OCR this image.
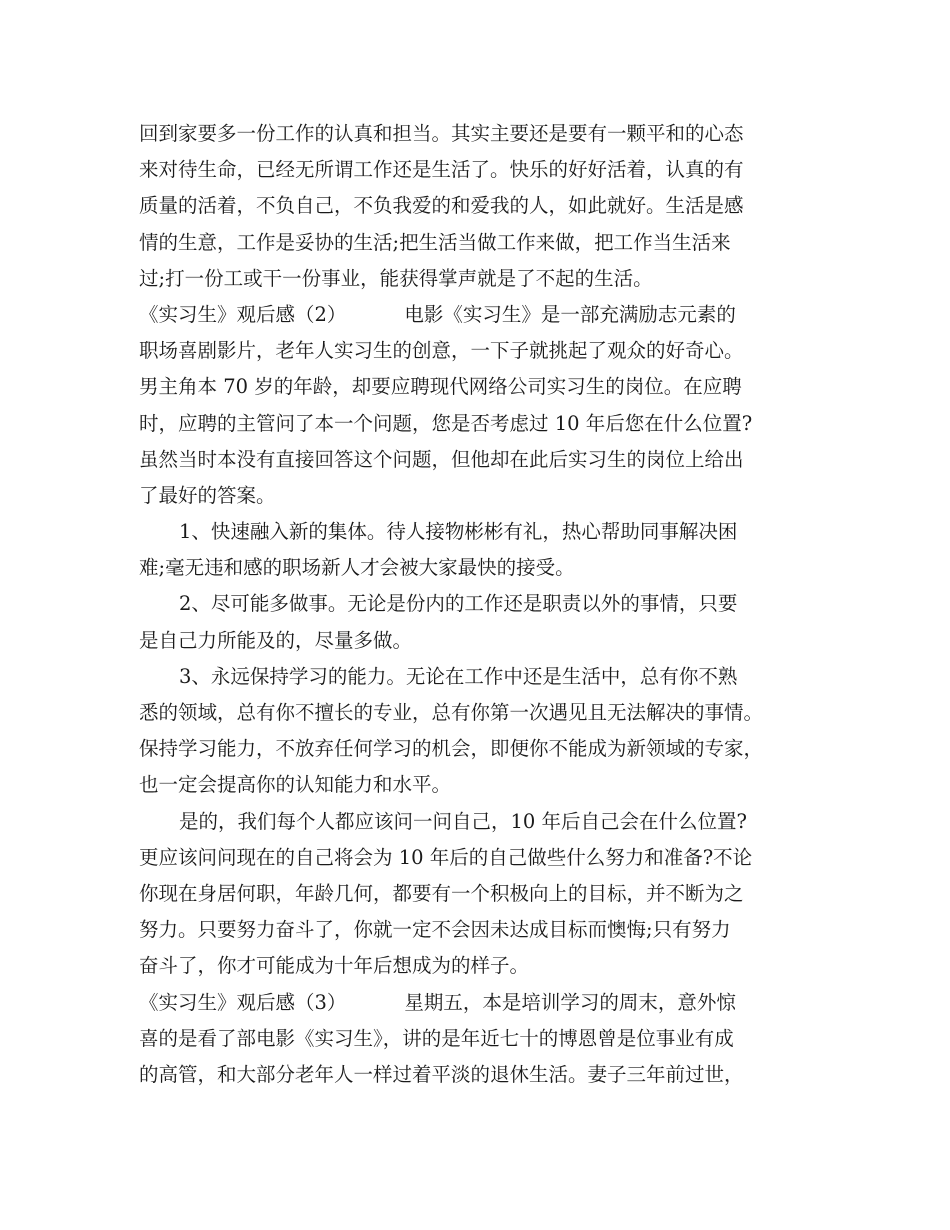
回到家要多一份工作的认真和担当。其实主要还是要有一颗平和的心态
来对待生命，已经无所谓工作还是生活了。快乐的好好活着，认真的有
质量的活着，不负自己，不负我爱的和爱我的人，如此就好。生活是感
情的生意，工作是妥协的生活;把生活当做工作来做，把工作当生活来
过;打一份工或干一份事业，能获得掌声就是了不起的生活。
《实习生》观后感（2）	电影《实习生》是一部充满励志元素的
职场喜剧影片，老年人实习生的创意，一下子就挑起了观众的好奇心。
男主角本 70 岁的年龄，却要应聘现代网络公司实习生的岗位。在应聘
时，应聘的主管问了本一个问题，您是否考虑过 10 年后您在什么位置?
虽然当时本没有直接回答这个问题，但他却在此后实习生的岗位上给出
了最好的答案。
1、快速融入新的集体。待人接物彬彬有礼，热心帮助同事解决困
难;毫无违和感的职场新人才会被大家最快的接受。
2、尽可能多做事。无论是份内的工作还是职责以外的事情，只要
是自己力所能及的，尽量多做。
3、永远保持学习的能力。无论在工作中还是生活中，总有你不熟
悉的领域，总有你不擅长的专业，总有你第一次遇见且无法解决的事情。
保持学习能力，不放弃任何学习的机会，即便你不能成为新领域的专家，
也一定会提高你的认知能力和水平。
是的，我们每个人都应该问一问自己，10 年后自己会在什么位置?
更应该问问现在的自己将会为 10 年后的自己做些什么努力和准备?不论
你现在身居何职，年龄几何，都要有一个积极向上的目标，并不断为之
努力。只要努力奋斗了，你就一定不会因未达成目标而懊悔;只有努力
奋斗了，你才可能成为十年后想成为的样子。
《实习生》观后感（3）	星期五，本是培训学习的周末，意外惊
喜的是看了部电影《实习生》，讲的是年近七十的博恩曾是位事业有成
的高管，和大部分老年人一样过着平淡的退休生活。妻子三年前过世，
